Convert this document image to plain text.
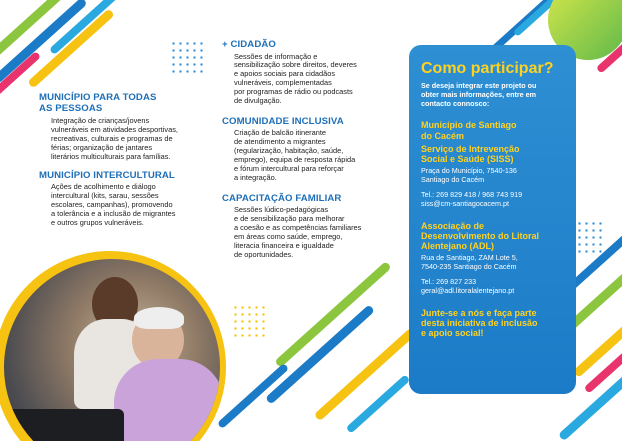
MUNICÍPIO PARA TODAS
AS PESSOAS
Integração de crianças/jovens
vulneráveis em atividades desportivas,
recreativas, culturais e programas de
férias; organização de jantares
literários multiculturais para famílias.
MUNICÍPIO INTERCULTURAL
Ações de acolhimento e diálogo
intercultural (kits, sarau, sessões
escolares, campanhas), promovendo
a tolerância e a inclusão de migrantes
e outros grupos vulneráveis.
+ CIDADÃO
Sessões de informação e
sensibilização sobre direitos, deveres
e apoios sociais para cidadãos
vulneráveis, complementadas
por programas de rádio ou podcasts
de divulgação.
COMUNIDADE INCLUSIVA
Criação de balcão itinerante
de atendimento a migrantes
(regularização, habitação, saúde,
emprego), equipa de resposta rápida
e fórum intercultural para reforçar
a integração.
CAPACITAÇÃO FAMILIAR
Sessões lúdico-pedagógicas
e de sensibilização para melhorar
a coesão e as competências familiares
em áreas como saúde, emprego,
literacia financeira e igualdade
de oportunidades.
Como participar?
Se deseja integrar este projeto ou
obter mais informações, entre em
contacto connosco:
Município de Santiago
do Cacém
Serviço de Intrevenção
Social e Saúde (SISS)
Praça do Município, 7540-136
Santiago do Cacém
Tel.: 269 829 418 / 968 743 919
siss@cm-santiagocacem.pt
Associação de
Desenvolvimento do Litoral
Alentejano (ADL)
Rua de Santiago, ZAM Lote 5,
7540-235 Santiago do Cacém
Tel.: 269 827 233
geral@adl.litoralalentejano.pt
Junte-se a nós e faça parte
desta iniciativa de inclusão
e apoio social!
